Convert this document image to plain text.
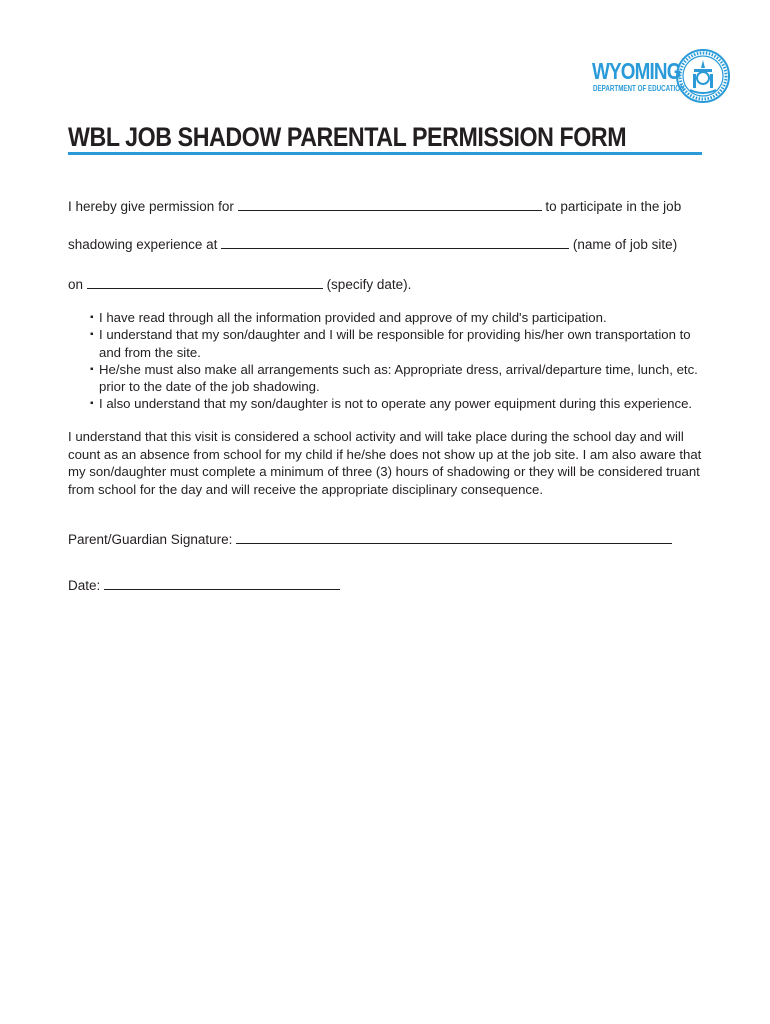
WYOMING
DEPARTMENT OF EDUCATION
WBL JOB SHADOW PARENTAL PERMISSION FORM
I hereby give permission for	to participate in the job
shadowing experience at	(name of job site)
on	(specify date).
▪ I have read through all the information provided and approve of my child's participation.
▪ I understand that my son/daughter and I will be responsible for providing his/her own transportation to and from the site.
▪ He/she must also make all arrangements such as: Appropriate dress, arrival/departure time, lunch, etc. prior to the date of the job shadowing.
▪ I also understand that my son/daughter is not to operate any power equipment during this experience.
I understand that this visit is considered a school activity and will take place during the school day and will count as an absence from school for my child if he/she does not show up at the job site. I am also aware that my son/daughter must complete a minimum of three (3) hours of shadowing or they will be considered truant from school for the day and will receive the appropriate disciplinary consequence.
Parent/Guardian Signature:
Date:
